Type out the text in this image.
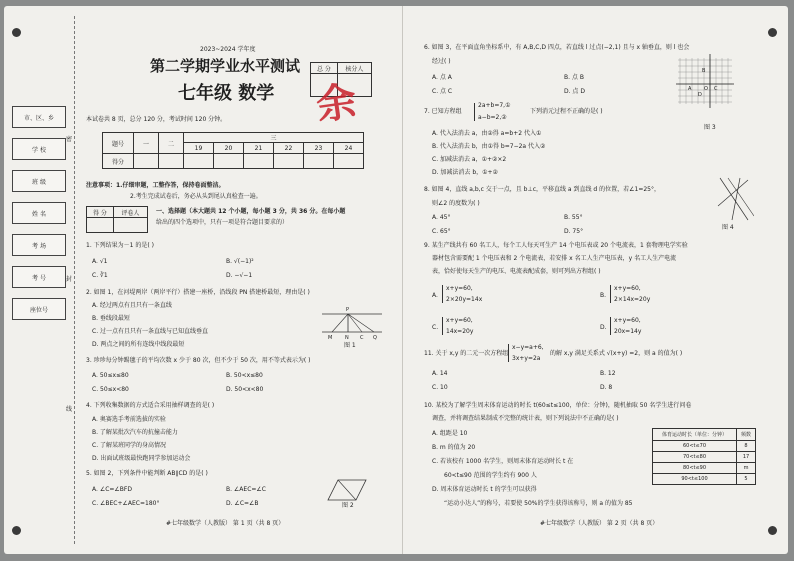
市、区、乡
学 校
班 级
姓 名
考 场
考 号
座位号
密
封
线
2023~2024 学年度
第二学期学业水平测试
七年级 数学
总 分	核分人

余
本试卷共 8 页，总分 120 分，考试时间 120 分钟。
题号	一	二	三					
			19	20	21	22	23	24
得分								
注意事项：1.仔细审题，工整作答，保持卷面整洁。
2.考生完成试卷后，务必从头到尾认真检查一遍。
得 分	评卷人
		一、选择题（本大题共 12 个小题，每小题 3 分，共 36 分。在每小题
给出的四个选项中，只有一项是符合题目要求的）
1. 下列结果为－1 的是( )
A. √1	B. √(−1)²
C. ∛1	D. −√−1
2. 如图 1，在河堤两岸（两岸平行）搭建一座桥，沿线段 PN 搭建桥最短，理由是( )
A. 经过两点有且只有一条直线
B. 垂线段最短
C. 过一点有且只有一条直线与已知直线垂直
D. 两点之间的所有连线中线段最短
P
M	N C Q
图 1
3. 珍珍每分钟踢毽子的平均次数 x 少于 80 次，但不少于 50 次，用不等式表示为( )
A. 50≤x≤80	B. 50<x≤80
C. 50≤x<80	D. 50<x<80
4. 下列收集数据的方式适合采用抽样调查的是( )
A. 奥赛选手考前选拔的实验
B. 了解某批次汽车的抗撞击能力
C. 了解某班同学的身高情况
D. 出面试班级最快跑同学参加运动会
5. 如图 2，下列条件中能判断 AB∥CD 的是( )
A. ∠C=∠BFD	B. ∠AEC=∠C
C. ∠BEC+∠AEC=180°	D. ∠C=∠B	图 2
#七年级数学（人教版） 第 1 页（共 8 页）
6. 如图 3，在平面直角坐标系中，有 A,B,C,D 四点，若直线 l 过点(−2,1) 且与 x 轴垂直，则 l 也会
经过( )
A. 点 A	B. 点 B
C. 点 C	D. 点 D
B
A	O C
D
图 3
7. 已知方程组
2a+b=7,①
a−b=2,②
下列消元过程不正确的是( )
A. 代入法消去 a，由②得 a=b+2 代入①
B. 代入法消去 b，由①得 b=7−2a 代入②
C. 加减法消去 a，①+②×2
D. 加减法消去 b，①+②
8. 如图 4，直线 a,b,c 交于一点，且 b⊥c，平移直线 a 到直线 d 的位置，若∠1=25°，
则∠2 的度数为( )
A. 45°	B. 55°
C. 65°	D. 75°
图 4
9. 某生产线共有 60 名工人，每个工人每天可生产 14 个电压表或 20 个电流表，1 套物理电学实验
器材包含需要配 1 个电压表和 2 个电流表，若安排 x 名工人生产电压表，y 名工人生产电流
表，恰好使每天生产的电压、电流表配成套，则可列出方程组( )
A.
x+y=60,
2×20y=14x
B.
x+y=60,
2×14x=20y
C.
x+y=60,
14x=20y
D.
x+y=60,
20x=14y
11. 关于 x,y 的二元一次方程组
x−y=a+6,
3x+y=2a
的解 x,y 满足关系式 √(x+y) =2，则 a 的值为( )
A. 14	B. 12
C. 10	D. 8
10. 某校为了解学生周末体育运动的时长 t(60≤t≤100，单位：分钟)，随机抽取 50 名学生进行问卷
调查，并将调查结果制成不完整的统计表，则下列说法中不正确的是( )
A. 组距是 10
B. m 的值为 20
C. 若该校有 1000 名学生，则周末体育运动时长 t 在
60<t≤90 范围的学生约有 900 人
D. 周末体育运动时长 t 的学生可以获得
“运动小达人”的称号，若要使 50%的学生获得该称号，则 a 的值为 85
体育运动时长（单位：分钟）	频数
60<t≤70	8
70<t≤80	17
80<t≤90	m
90<t≤100	5
#七年级数学（人教版） 第 2 页（共 8 页）
